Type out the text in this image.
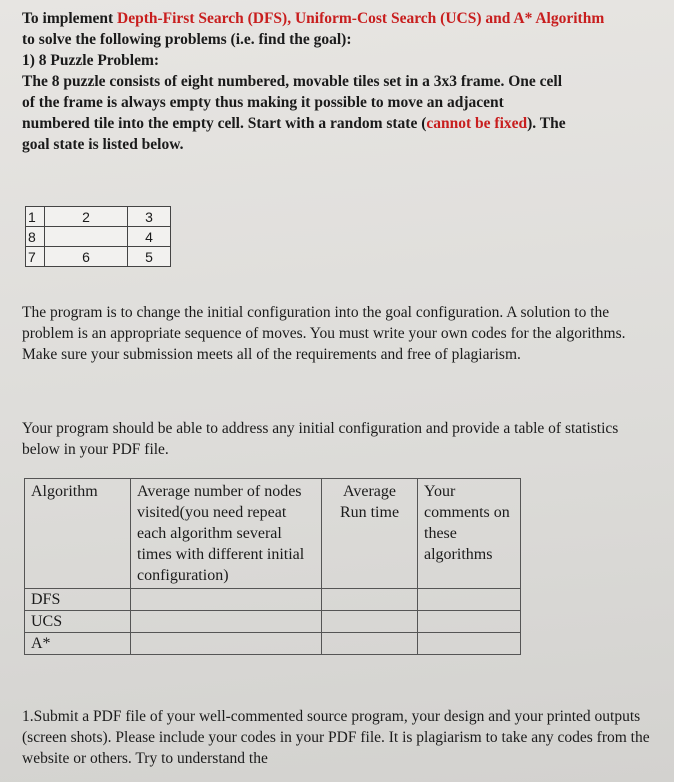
To implement Depth-First Search (DFS), Uniform-Cost Search (UCS) and A* Algorithm to solve the following problems (i.e. find the goal):
1) 8 Puzzle Problem:
The 8 puzzle consists of eight numbered, movable tiles set in a 3x3 frame. One cell
of the frame is always empty thus making it possible to move an adjacent
numbered tile into the empty cell. Start with a random state (cannot be fixed). The
goal state is listed below.
1	2	3
8		4
7	6	5

The program is to change the initial configuration into the goal configuration. A solution to the problem is an appropriate sequence of moves. You must write your own codes for the algorithms. Make sure your submission meets all of the requirements and free of plagiarism.

Your program should be able to address any initial configuration and provide a table of statistics below in your PDF file.

Algorithm	Average number of nodes visited(you need repeat each algorithm several times with different initial configuration)	Average Run time	Your comments on these algorithms
DFS			
UCS			
A*			

1.Submit a PDF file of your well-commented source program, your design and your printed outputs (screen shots). Please include your codes in your PDF file. It is plagiarism to take any codes from the website or others. Try to understand the
